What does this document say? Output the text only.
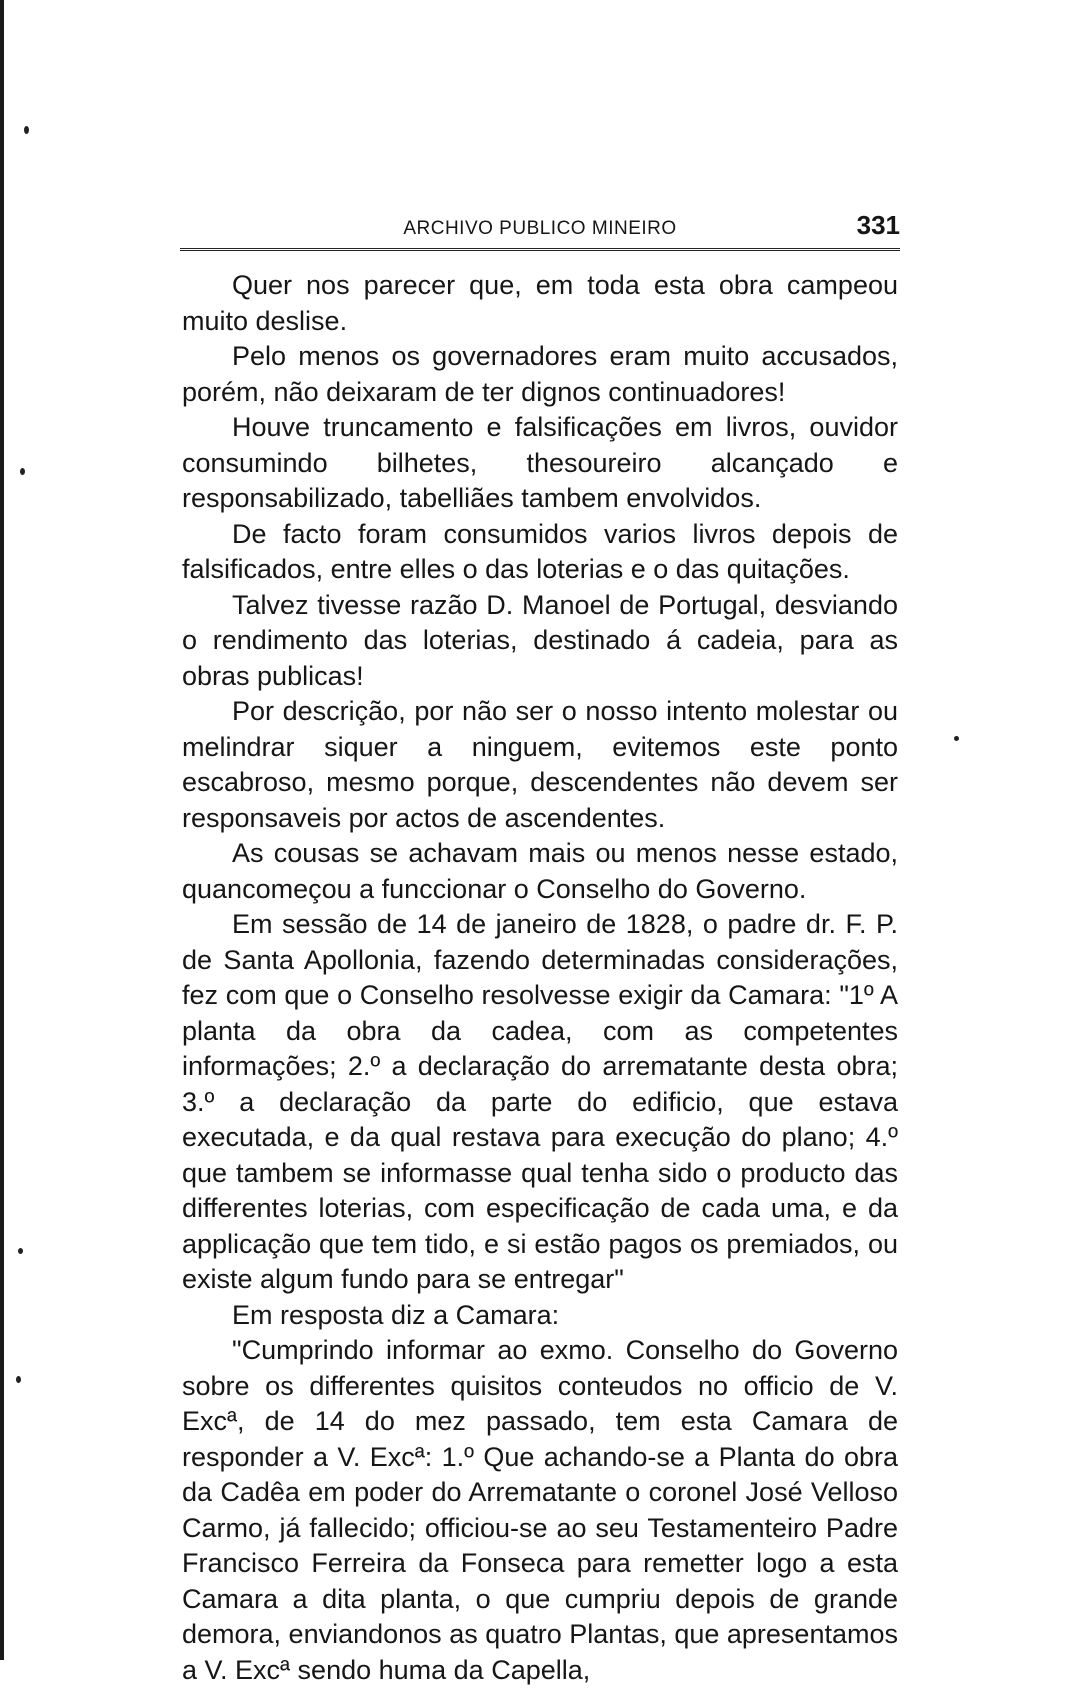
ARCHIVO PUBLICO MINEIRO	331

Quer nos parecer que, em toda esta obra campeou muito deslise.

Pelo menos os governadores eram muito accusados, porém, não deixaram de ter dignos continuadores!

Houve truncamento e falsificações em livros, ouvidor consumindo bilhetes, thesoureiro alcançado e responsabilizado, tabelliães tambem envolvidos.

De facto foram consumidos varios livros depois de falsificados, entre elles o das loterias e o das quitações.

Talvez tivesse razão D. Manoel de Portugal, desviando o rendimento das loterias, destinado á cadeia, para as obras publicas!

Por descrição, por não ser o nosso intento molestar ou melindrar siquer a ninguem, evitemos este ponto escabroso, mesmo porque, descendentes não devem ser responsaveis por actos de ascendentes.

As cousas se achavam mais ou menos nesse estado, quancomeçou a funccionar o Conselho do Governo.

Em sessão de 14 de janeiro de 1828, o padre dr. F. P. de Santa Apollonia, fazendo determinadas considerações, fez com que o Conselho resolvesse exigir da Camara: "1º A planta da obra da cadea, com as competentes informações; 2.º a declaração do arrematante desta obra; 3.º a declaração da parte do edificio, que estava executada, e da qual restava para execução do plano; 4.º que tambem se informasse qual tenha sido o producto das differentes loterias, com especificação de cada uma, e da applicação que tem tido, e si estão pagos os premiados, ou existe algum fundo para se entregar"

Em resposta diz a Camara:

"Cumprindo informar ao exmo. Conselho do Governo sobre os differentes quisitos conteudos no officio de V. Excª, de 14 do mez passado, tem esta Camara de responder a V. Excª: 1.º Que achando-se a Planta do obra da Cadêa em poder do Arrematante o coronel José Velloso Carmo, já fallecido; officiou-se ao seu Testamenteiro Padre Francisco Ferreira da Fonseca para remetter logo a esta Camara a dita planta, o que cumpriu depois de grande demora, enviandonos as quatro Plantas, que apresentamos a V. Excª sendo huma da Capella,
